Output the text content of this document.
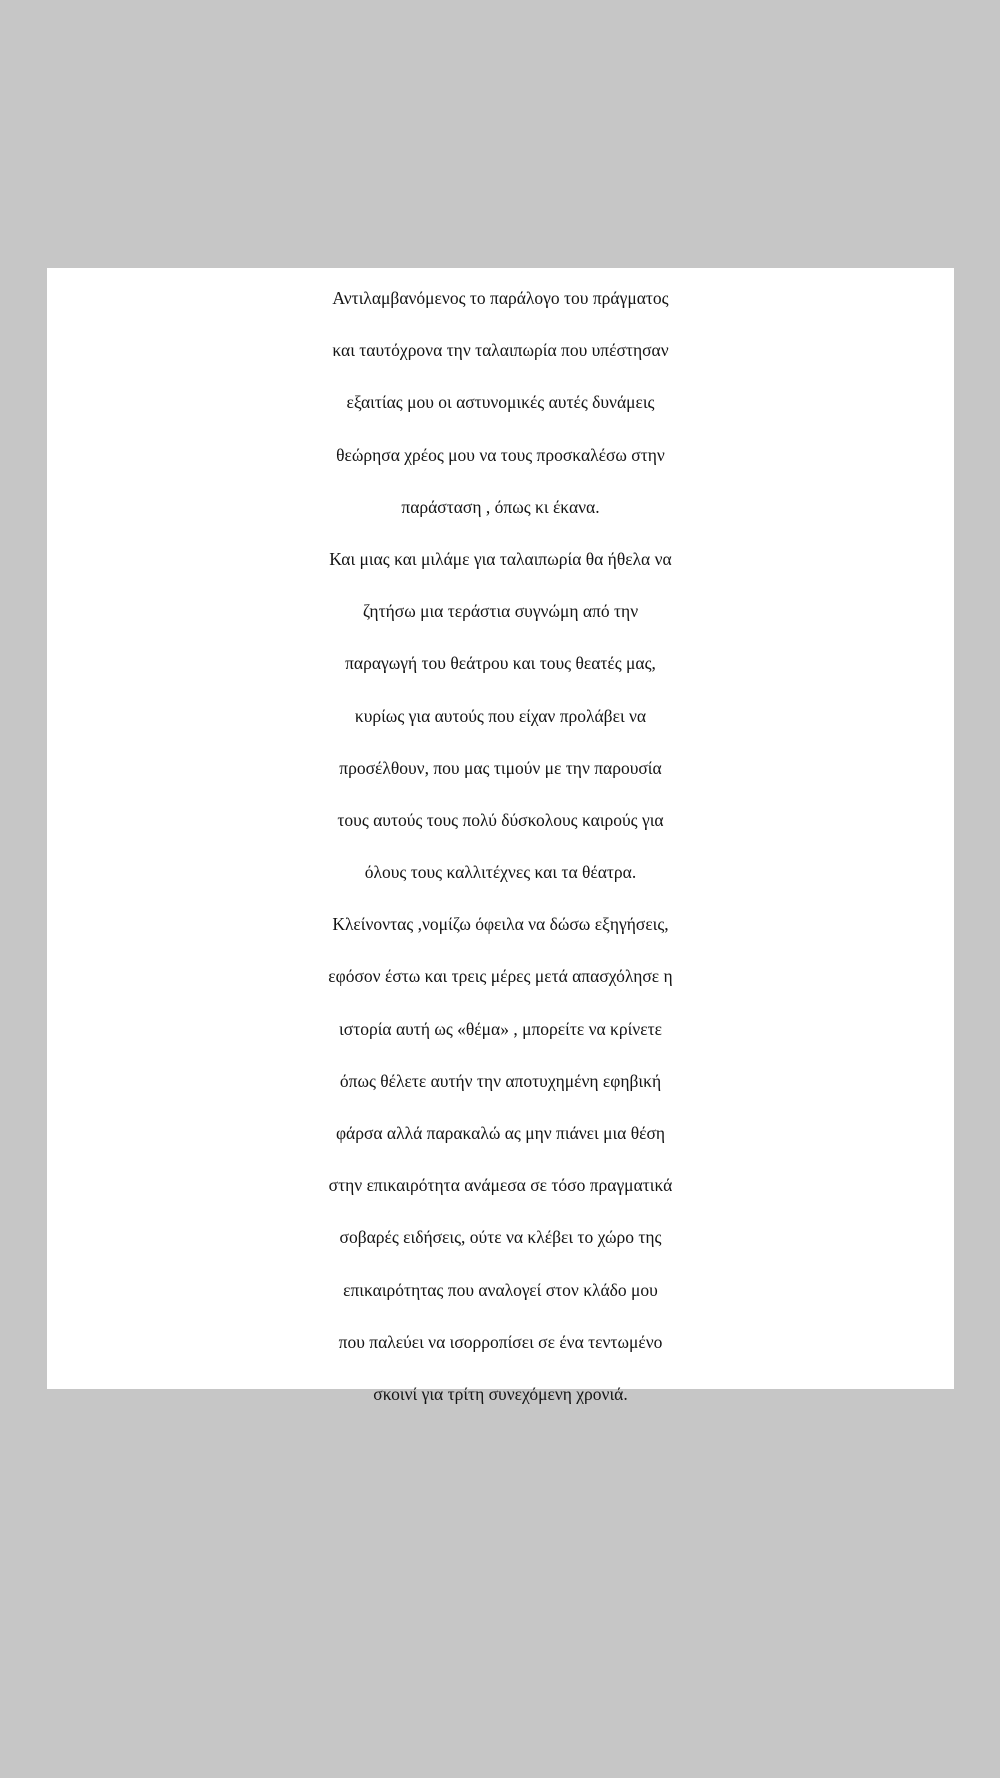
Αντιλαμβανόμενος το παράλογο του πράγματος
και ταυτόχρονα την ταλαιπωρία που υπέστησαν
εξαιτίας μου οι αστυνομικές αυτές δυνάμεις
θεώρησα χρέος μου να τους προσκαλέσω στην
παράσταση , όπως κι έκανα.
Και μιας και μιλάμε για ταλαιπωρία θα ήθελα να
ζητήσω μια τεράστια συγνώμη από την
παραγωγή του θεάτρου και τους θεατές μας,
κυρίως για αυτούς που είχαν προλάβει να
προσέλθουν, που μας τιμούν με την παρουσία
τους αυτούς τους πολύ δύσκολους καιρούς για
όλους τους καλλιτέχνες και τα θέατρα.
Κλείνοντας ,νομίζω όφειλα να δώσω εξηγήσεις,
εφόσον έστω και τρεις μέρες μετά απασχόλησε η
ιστορία αυτή ως «θέμα» , μπορείτε να κρίνετε
όπως θέλετε αυτήν την αποτυχημένη εφηβική
φάρσα αλλά παρακαλώ ας μην πιάνει μια θέση
στην επικαιρότητα ανάμεσα σε τόσο πραγματικά
σοβαρές ειδήσεις, ούτε να κλέβει το χώρο της
επικαιρότητας που αναλογεί στον κλάδο μου
που παλεύει να ισορροπίσει σε ένα τεντωμένο
σκοινί για τρίτη συνεχόμενη χρονιά.
